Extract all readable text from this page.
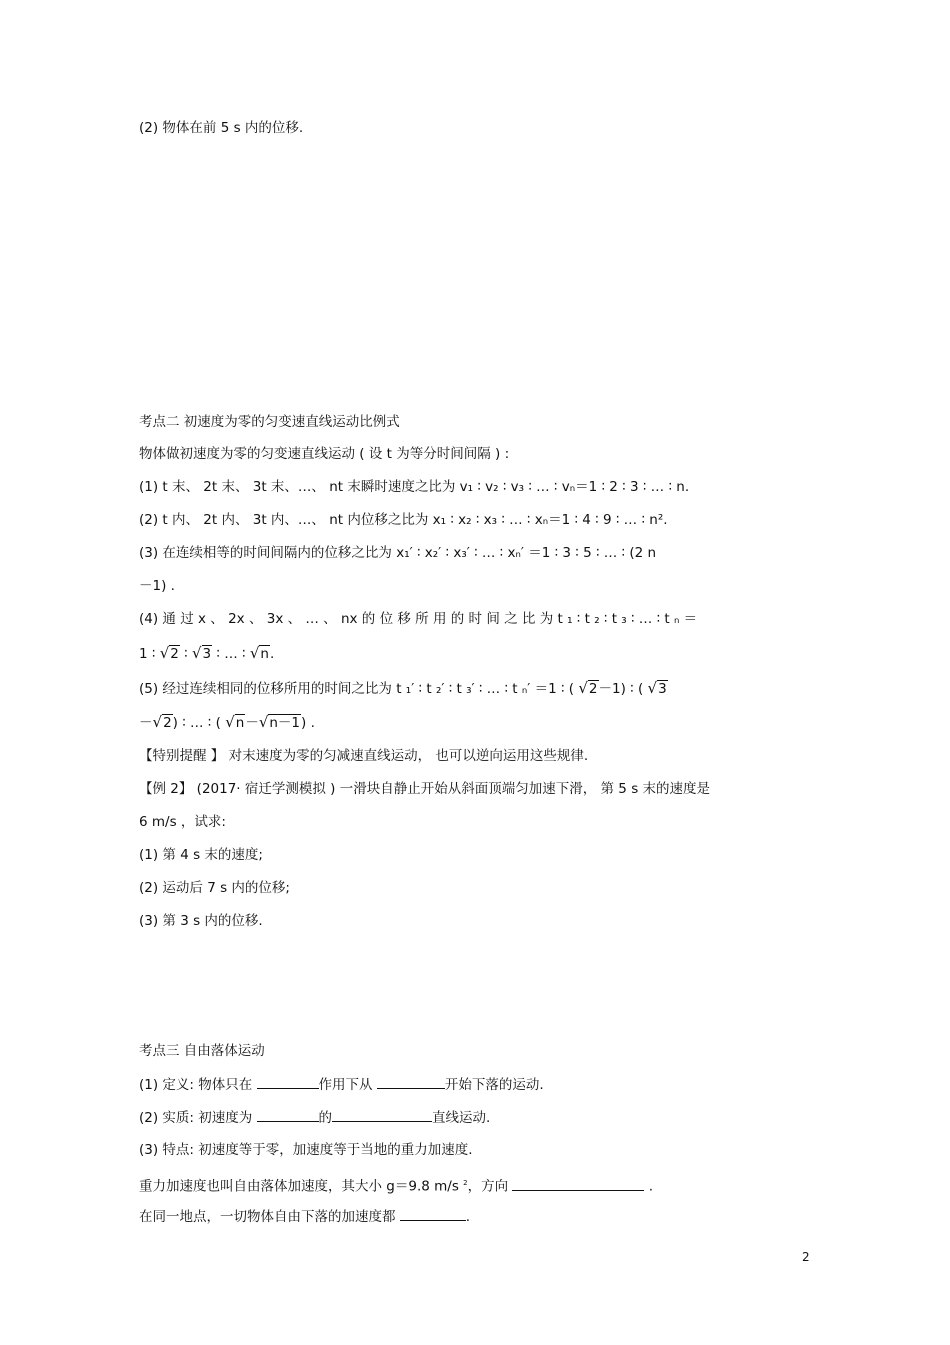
(2) 物体在前 5 s 内的位移.
考点二 初速度为零的匀变速直线运动比例式
物体做初速度为零的匀变速直线运动 ( 设 t 为等分时间间隔 ) :
(1) t 末、 2t 末、 3t 末、…、 nt 末瞬时速度之比为 v₁ ∶ v₂ ∶ v₃ ∶ … ∶ vₙ＝1 ∶ 2 ∶ 3 ∶ … ∶ n.
(2) t 内、 2t 内、 3t 内、…、 nt 内位移之比为 x₁ ∶ x₂ ∶ x₃ ∶ … ∶ xₙ＝1 ∶ 4 ∶ 9 ∶ … ∶ n².
(3) 在连续相等的时间间隔内的位移之比为 x₁′ ∶ x₂′ ∶ x₃′ ∶ … ∶ xₙ′ ＝1 ∶ 3 ∶ 5 ∶ … ∶ (2 n
－1) .
(4) 通 过 x 、 2x 、 3x 、 … 、 nx 的 位 移 所 用 的 时 间 之 比 为 t ₁ ∶ t ₂ ∶ t ₃ ∶ … ∶ t ₙ ＝
1 ∶ √2 ∶ √3 ∶ … ∶ √n.
(5) 经过连续相同的位移所用的时间之比为 t ₁′ ∶ t ₂′ ∶ t ₃′ ∶ … ∶ t ₙ′ ＝1 ∶ ( √2－1) ∶ ( √3
－√2) ∶ … ∶ ( √n－√n－1) .
【特别提醒 】 对末速度为零的匀减速直线运动， 也可以逆向运用这些规律.
【例 2】 (2017· 宿迁学测模拟 ) 一滑块自静止开始从斜面顶端匀加速下滑， 第 5 s 末的速度是
6 m/s ，试求:
(1) 第 4 s 末的速度;
(2) 运动后 7 s 内的位移;
(3) 第 3 s 内的位移.
考点三 自由落体运动
(1) 定义: 物体只在	作用下从	开始下落的运动.
(2) 实质: 初速度为	的	直线运动.
(3) 特点: 初速度等于零，加速度等于当地的重力加速度.
重力加速度也叫自由落体加速度，其大小 g＝9.8 m/s $^2$，方向	.
在同一地点，一切物体自由下落的加速度都	.
2
